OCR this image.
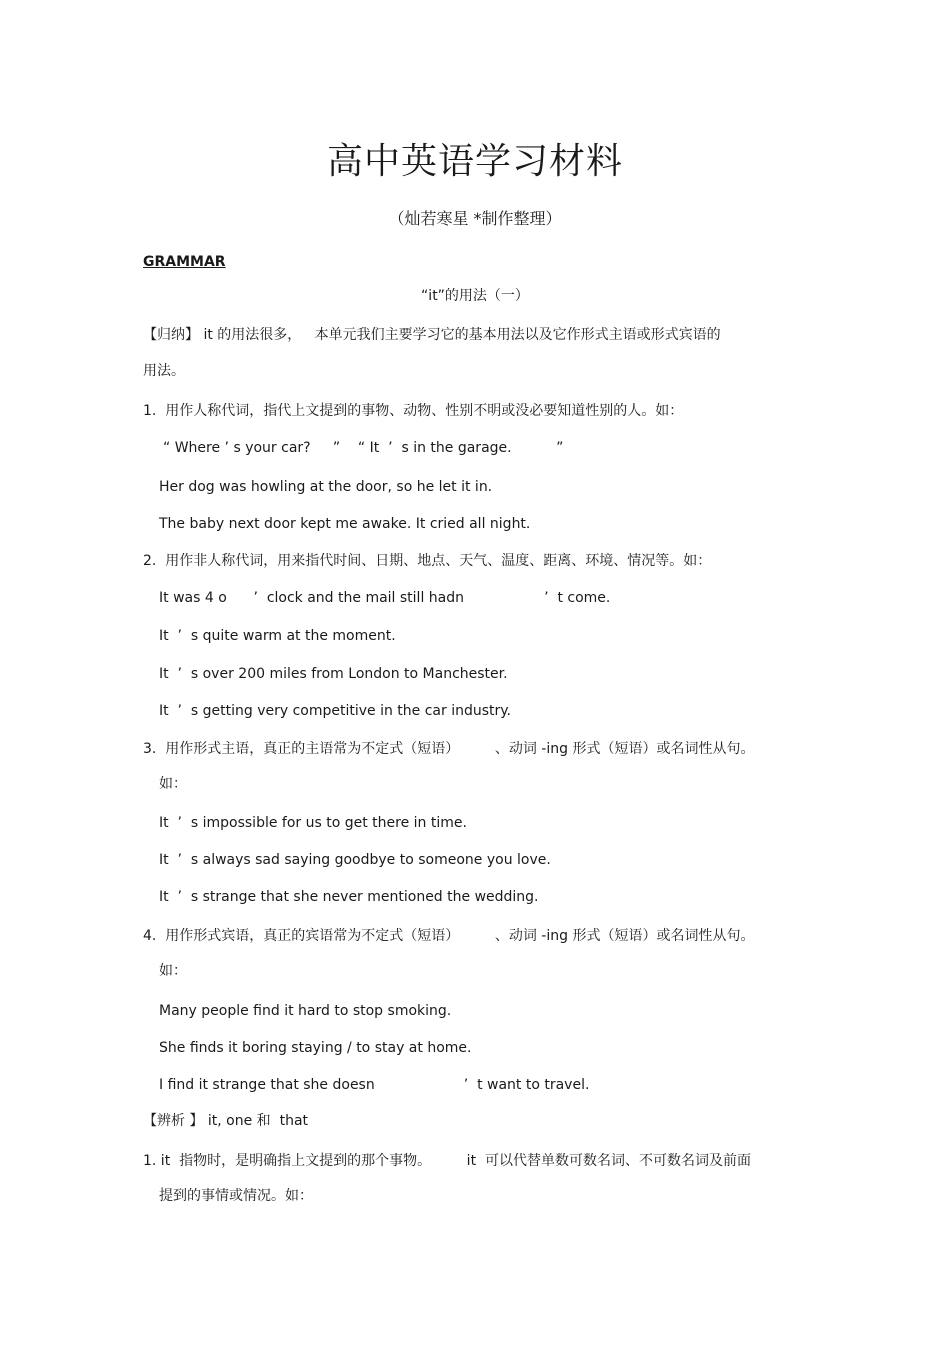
高中英语学习材料
（灿若寒星 *制作整理）
GRAMMAR
“it”的用法（一）
【归纳】 it 的用法很多，   本单元我们主要学习它的基本用法以及它作形式主语或形式宾语的
用法。
1.  用作人称代词，指代上文提到的事物、动物、性别不明或没必要知道性别的人。如：
“ Where ’ s your car?     ”    “ It  ’  s in the garage.          ”
Her dog was howling at the door, so he let it in.
The baby next door kept me awake. It cried all night.
2.  用作非人称代词，用来指代时间、日期、地点、天气、温度、距离、环境、情况等。如：
It was 4 o      ’  clock and the mail still hadn                  ’  t come.
It  ’  s quite warm at the moment.
It  ’  s over 200 miles from London to Manchester.
It  ’  s getting very competitive in the car industry.
3.  用作形式主语，真正的主语常为不定式（短语）        、动词 -ing 形式（短语）或名词性从句。
如：
It  ’  s impossible for us to get there in time.
It  ’  s always sad saying goodbye to someone you love.
It  ’  s strange that she never mentioned the wedding.
4.  用作形式宾语，真正的宾语常为不定式（短语）        、动词 -ing 形式（短语）或名词性从句。
如：
Many people find it hard to stop smoking.
She finds it boring staying / to stay at home.
I find it strange that she doesn                    ’  t want to travel.
【辨析 】 it, one 和  that
1. it  指物时，是明确指上文提到的那个事物。        it  可以代替单数可数名词、不可数名词及前面
提到的事情或情况。如：
